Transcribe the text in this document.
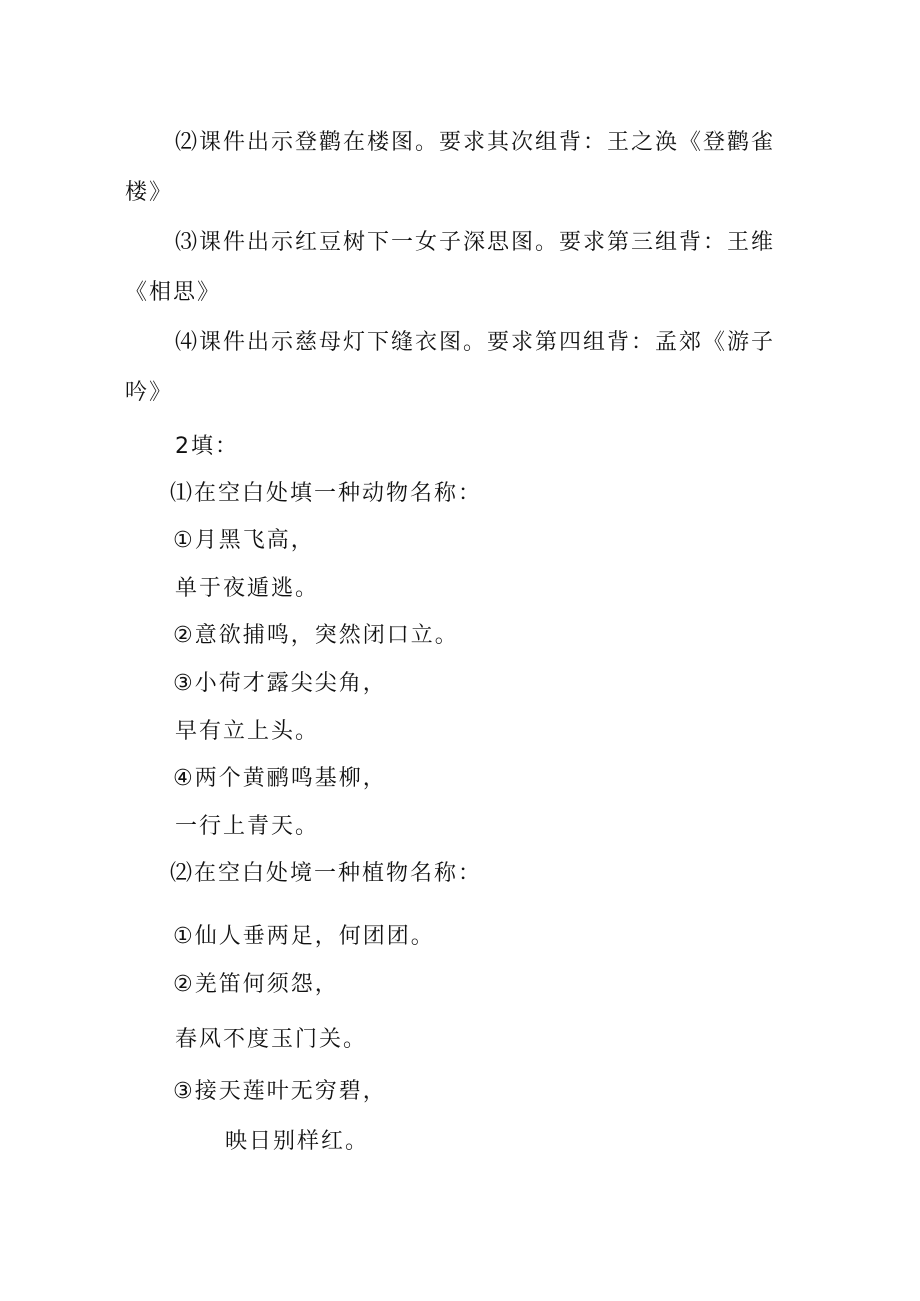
⑵课件出示登鹳在楼图。要求其次组背：王之涣《登鹳雀楼》
⑶课件出示红豆树下一女子深思图。要求第三组背：王维《相思》
⑷课件出示慈母灯下缝衣图。要求第四组背：孟郊《游子吟》
2填：
⑴在空白处填一种动物名称：
①月黑飞高，
单于夜遁逃。
②意欲捕鸣，突然闭口立。
③小荷才露尖尖角，
早有立上头。
④两个黄鹂鸣基柳，
一行上青天。
⑵在空白处境一种植物名称：
①仙人垂两足，何团团。
②羌笛何须怨，
春风不度玉门关。
③接天莲叶无穷碧，
映日别样红。
